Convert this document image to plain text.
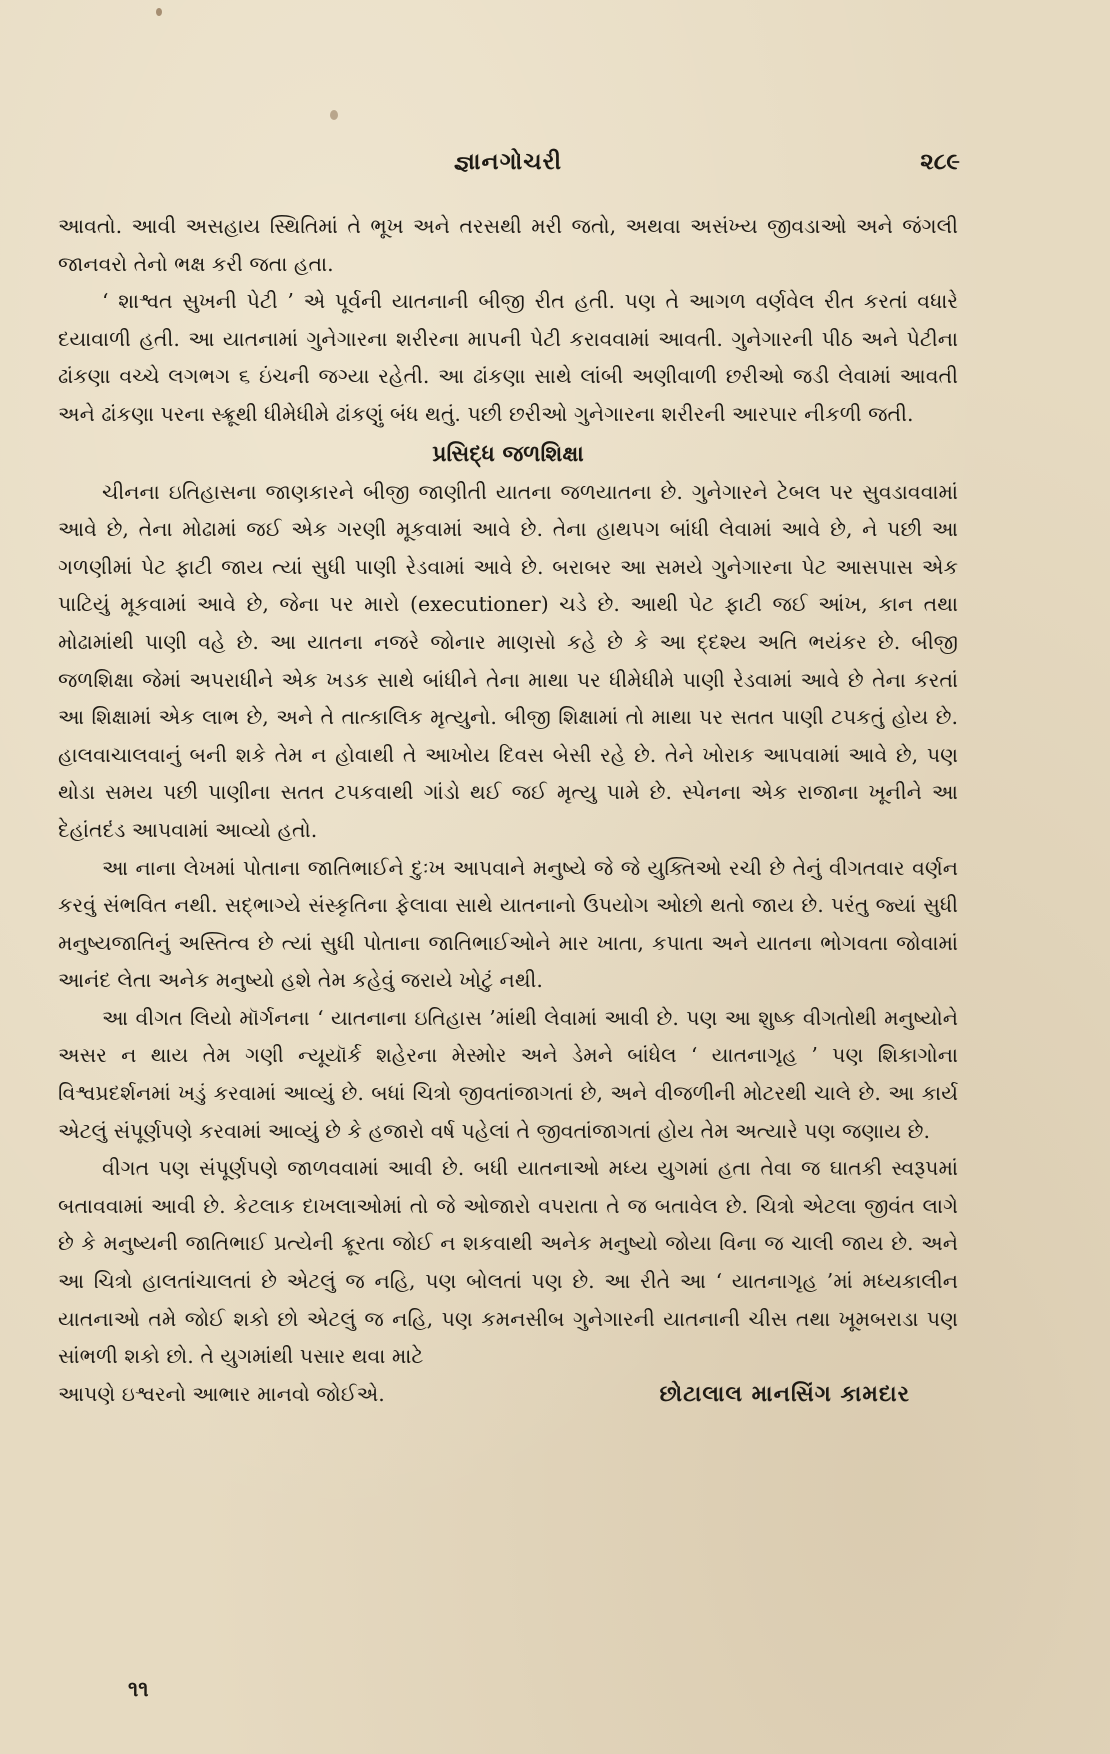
જ્ઞાનગોચરી	૨૮૯

આવતો. આવી અસહાય સ્થિતિમાં તે ભૂખ અને તરસથી મરી જતો, અથવા અસંખ્ય જીવડાઓ અને જંગલી જાનવરો તેનો ભક્ષ કરી જતા હતા.

‘ શાશ્વત સુખની પેટી ’ એ પૂર્વની યાતનાની બીજી રીત હતી. પણ તે આગળ વર્ણવેલ રીત કરતાં વધારે દયાવાળી હતી. આ યાતનામાં ગુનેગારના શરીરના માપની પેટી કરાવવામાં આવતી. ગુનેગારની પીઠ અને પેટીના ઢાંકણા વચ્ચે લગભગ ૬ ઇંચની જગ્યા રહેતી. આ ઢાંકણા સાથે લાંબી અણીવાળી છરીઓ જડી લેવામાં આવતી અને ઢાંકણા પરના સ્ક્રૂથી ધીમેધીમે ઢાંકણું બંધ થતું. પછી છરીઓ ગુનેગારના શરીરની આરપાર નીકળી જતી.

પ્રસિદ્ધ જળશિક્ષા

ચીનના ઇતિહાસના જાણકારને બીજી જાણીતી યાતના જળયાતના છે. ગુનેગારને ટેબલ પર સુવડાવવામાં આવે છે, તેના મોઢામાં જઈ એક ગરણી મૂકવામાં આવે છે. તેના હાથપગ બાંધી લેવામાં આવે છે, ને પછી આ ગળણીમાં પેટ ફાટી જાય ત્યાં સુધી પાણી રેડવામાં આવે છે. બરાબર આ સમયે ગુનેગારના પેટ આસપાસ એક પાટિયું મૂકવામાં આવે છે, જેના પર મારો (executioner) ચડે છે. આથી પેટ ફાટી જઈ આંખ, કાન તથા મોઢામાંથી પાણી વહે છે. આ યાતના નજરે જોનાર માણસો કહે છે કે આ દ્દશ્ય અતિ ભયંકર છે. બીજી જળશિક્ષા જેમાં અપરાધીને એક ખડક સાથે બાંધીને તેના માથા પર ધીમેધીમે પાણી રેડવામાં આવે છે તેના કરતાં આ શિક્ષામાં એક લાભ છે, અને તે તાત્કાલિક મૃત્યુનો. બીજી શિક્ષામાં તો માથા પર સતત પાણી ટપકતું હોય છે. હાલવાચાલવાનું બની શકે તેમ ન હોવાથી તે આખોય દિવસ બેસી રહે છે. તેને ખોરાક આપવામાં આવે છે, પણ થોડા સમય પછી પાણીના સતત ટપકવાથી ગાંડો થઈ જઈ મૃત્યુ પામે છે. સ્પેનના એક રાજાના ખૂનીને આ દેહાંતદંડ આપવામાં આવ્યો હતો.

આ નાના લેખમાં પોતાના જાતિભાઈને દુઃખ આપવાને મનુષ્યે જે જે યુક્તિઓ રચી છે તેનું વીગતવાર વર્ણન કરવું સંભવિત નથી. સદ્ભાગ્યે સંસ્કૃતિના ફેલાવા સાથે યાતનાનો ઉપયોગ ઓછો થતો જાય છે. પરંતુ જ્યાં સુધી મનુષ્યજાતિનું અસ્તિત્વ છે ત્યાં સુધી પોતાના જાતિભાઈઓને માર ખાતા, કપાતા અને યાતના ભોગવતા જોવામાં આનંદ લેતા અનેક મનુષ્યો હશે તેમ કહેવું જરાયે ખોટું નથી.

આ વીગત લિયો મૉર્ગનના ‘ યાતનાના ઇતિહાસ ’માંથી લેવામાં આવી છે. પણ આ શુષ્ક વીગતોથી મનુષ્યોને અસર ન થાય તેમ ગણી ન્યૂયૉર્ક શહેરના મેસ્મોર અને ડેમને બાંધેલ ‘ યાતનાગૃહ ’ પણ શિકાગોના વિશ્વપ્રદર્શનમાં ખડું કરવામાં આવ્યું છે. બધાં ચિત્રો જીવતાંજાગતાં છે, અને વીજળીની મોટરથી ચાલે છે. આ કાર્ય એટલું સંપૂર્ણપણે કરવામાં આવ્યું છે કે હજારો વર્ષ પહેલાં તે જીવતાંજાગતાં હોય તેમ અત્યારે પણ જણાય છે.

વીગત પણ સંપૂર્ણપણે જાળવવામાં આવી છે. બધી યાતનાઓ મધ્ય યુગમાં હતા તેવા જ ઘાતકી સ્વરૂપમાં બતાવવામાં આવી છે. કેટલાક દાખલાઓમાં તો જે ઓજારો વપરાતા તે જ બતાવેલ છે. ચિત્રો એટલા જીવંત લાગે છે કે મનુષ્યની જાતિભાઈ પ્રત્યેની ક્રૂરતા જોઈ ન શકવાથી અનેક મનુષ્યો જોયા વિના જ ચાલી જાય છે. અને આ ચિત્રો હાલતાંચાલતાં છે એટલું જ નહિ, પણ બોલતાં પણ છે. આ રીતે આ ‘ યાતનાગૃહ ’માં મધ્યકાલીન યાતનાઓ તમે જોઈ શકો છો એટલું જ નહિ, પણ કમનસીબ ગુનેગારની યાતનાની ચીસ તથા ખૂમબરાડા પણ સાંભળી શકો છો. તે યુગમાંથી પસાર થવા માટે

આપણે ઇશ્વરનો આભાર માનવો જોઈએ.	છોટાલાલ માનસિંગ કામદાર
૧૧
